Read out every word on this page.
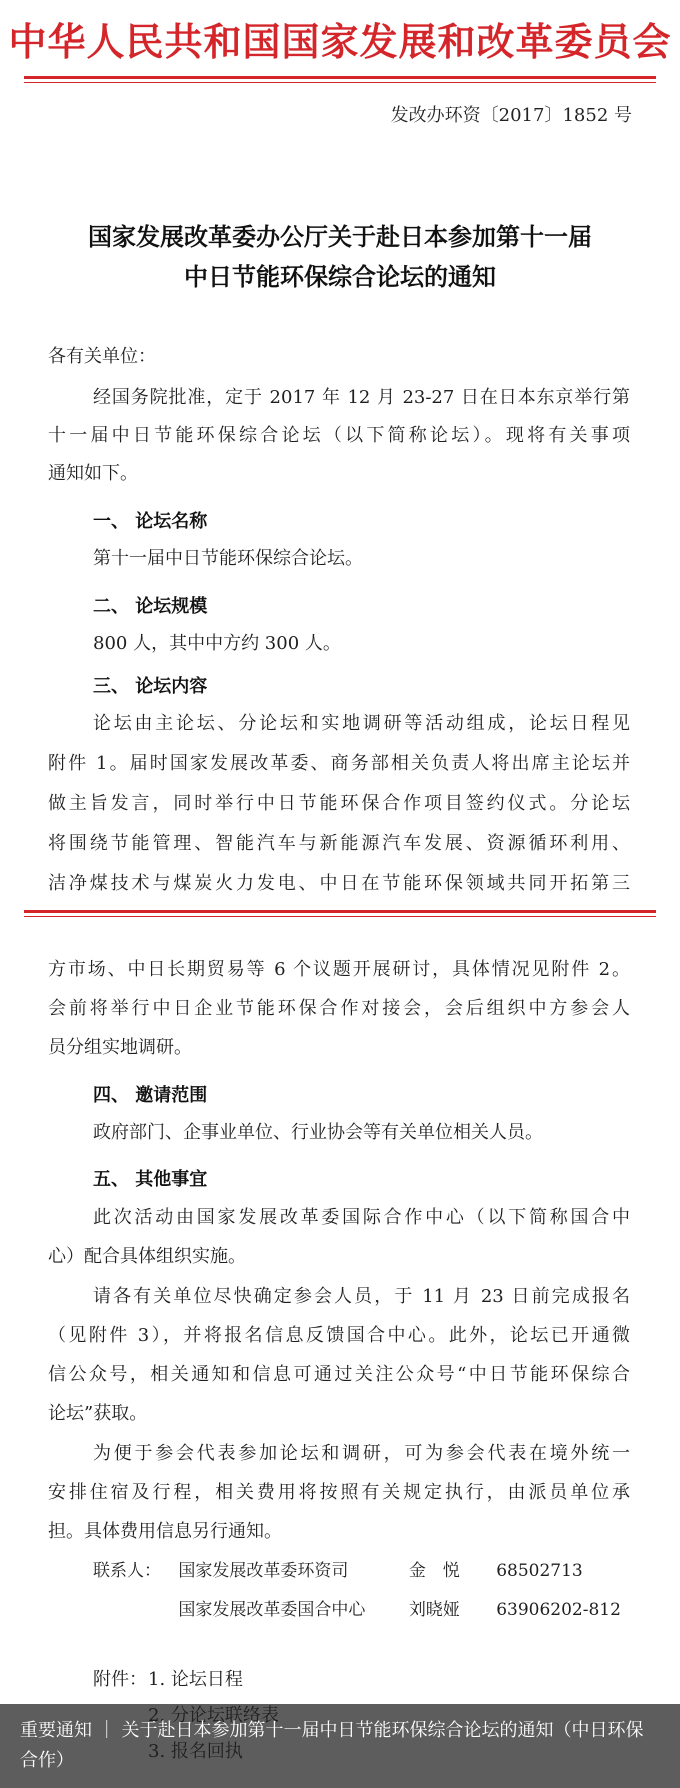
中华人民共和国国家发展和改革委员会
发改办环资〔2017〕1852 号
国家发展改革委办公厅关于赴日本参加第十一届
中日节能环保综合论坛的通知
各有关单位：
经国务院批准，定于 2017 年 12 月 23-27 日在日本东京举行第
十一届中日节能环保综合论坛（以下简称论坛）。现将有关事项
通知如下。
一、 论坛名称
第十一届中日节能环保综合论坛。
二、 论坛规模
800 人，其中中方约 300 人。
三、 论坛内容
论坛由主论坛、分论坛和实地调研等活动组成，论坛日程见
附件 1。届时国家发展改革委、商务部相关负责人将出席主论坛并
做主旨发言，同时举行中日节能环保合作项目签约仪式。分论坛
将围绕节能管理、智能汽车与新能源汽车发展、资源循环利用、
洁净煤技术与煤炭火力发电、中日在节能环保领域共同开拓第三
方市场、中日长期贸易等 6 个议题开展研讨，具体情况见附件 2。
会前将举行中日企业节能环保合作对接会，会后组织中方参会人
员分组实地调研。
四、 邀请范围
政府部门、企事业单位、行业协会等有关单位相关人员。
五、 其他事宜
此次活动由国家发展改革委国际合作中心（以下简称国合中
心）配合具体组织实施。
请各有关单位尽快确定参会人员，于 11 月 23 日前完成报名
（见附件 3），并将报名信息反馈国合中心。此外，论坛已开通微
信公众号，相关通知和信息可通过关注公众号“中日节能环保综合
论坛”获取。
为便于参会代表参加论坛和调研，可为参会代表在境外统一
安排住宿及行程，相关费用将按照有关规定执行，由派员单位承
担。具体费用信息另行通知。
联系人： 国家发展改革委环资司	金　悦 68502713
国家发展改革委国合中心	刘晓娅 63906202-812
附件： 1. 论坛日程
重要通知 ｜ 关于赴日本参加第十一届中日节能环保综合论坛的通知（中日环保合作）
